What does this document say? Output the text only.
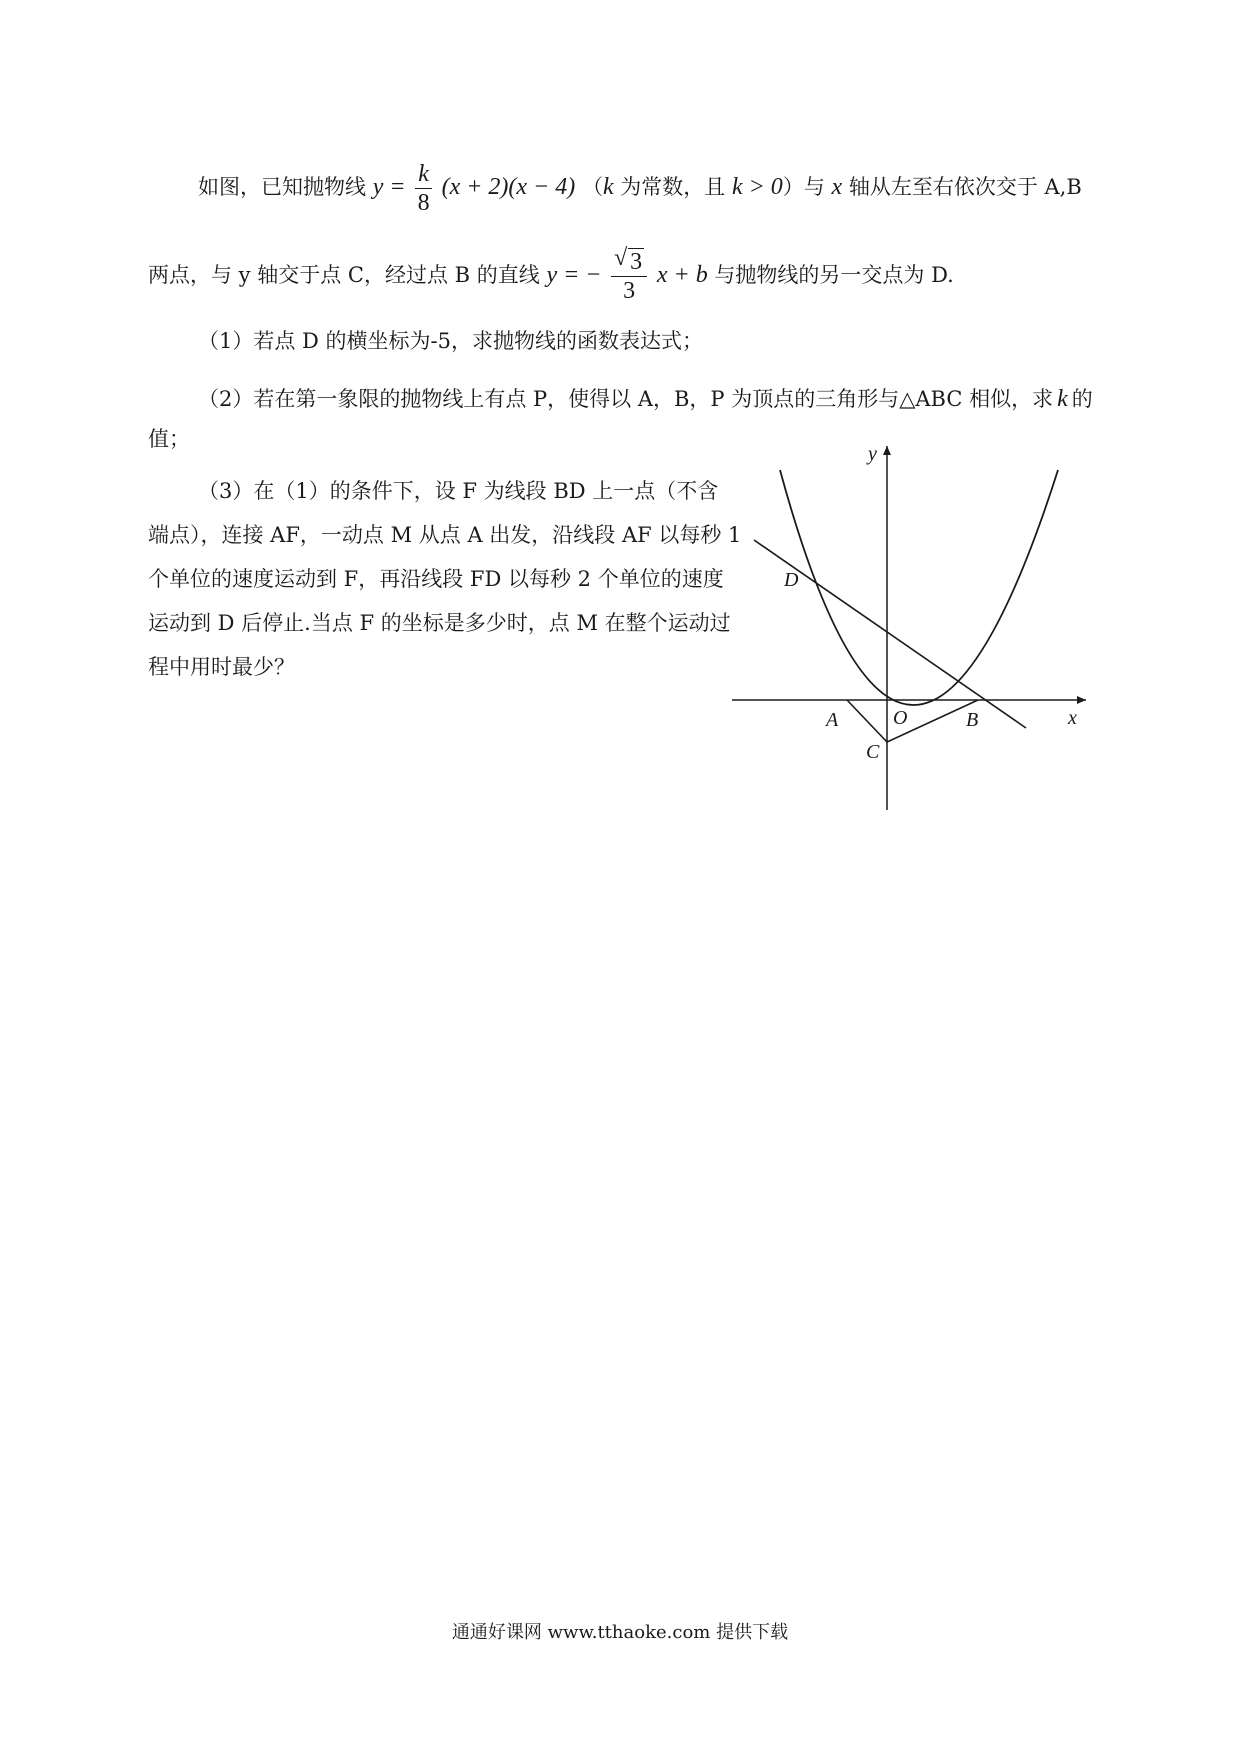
如图，已知抛物线 $y = \frac{k}{8} (x + 2)(x - 4)$ （k 为常数，且 k > 0）与 x 轴从左至右依次交于 A,B
两点，与 y 轴交于点 C，经过点 B 的直线 y = − $\frac{√ 3}{3}$ x + b 与抛物线的另一交点为 D.
（1）若点 D 的横坐标为-5，求抛物线的函数表达式；
（2）若在第一象限的抛物线上有点 P，使得以 A，B，P 为顶点的三角形与△ABC 相似，求 k 的
值；
（3）在（1）的条件下，设 F 为线段 BD 上一点（不含
端点），连接 AF，一动点 M 从点 A 出发，沿线段 AF 以每秒 1
个单位的速度运动到 F，再沿线段 FD 以每秒 2 个单位的速度
运动到 D 后停止.当点 F 的坐标是多少时，点 M 在整个运动过
程中用时最少？
y
x
O
A	B
C
D
通通好课网 www.tthaoke.com 提供下载
